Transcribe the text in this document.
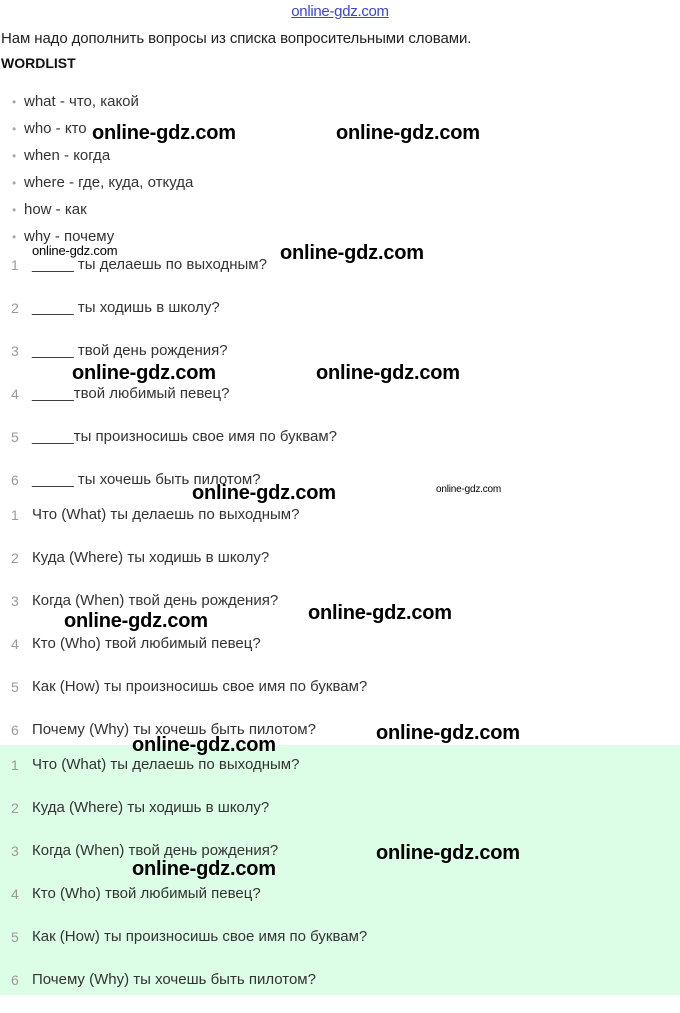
online-gdz.com
Нам надо дополнить вопросы из списка вопросительными словами.
WORDLIST
• what - что, какой
• who - кто
• when - когда
• where - где, куда, откуда
• how - как
• why - почему
1 _____ ты делаешь по выходным?
2 _____ ты ходишь в школу?
3 _____ твой день рождения?
4 _____твой любимый певец?
5 _____ты произносишь свое имя по буквам?
6 _____ ты хочешь быть пилотом?
1 Что (What) ты делаешь по выходным?
2 Куда (Where) ты ходишь в школу?
3 Когда (When) твой день рождения?
4 Кто (Who) твой любимый певец?
5 Как (How) ты произносишь свое имя по буквам?
6 Почему (Why) ты хочешь быть пилотом?
1 Что (What) ты делаешь по выходным?
2 Куда (Where) ты ходишь в школу?
3 Когда (When) твой день рождения?
4 Кто (Who) твой любимый певец?
5 Как (How) ты произносишь свое имя по буквам?
6 Почему (Why) ты хочешь быть пилотом?
online-gdz.com	online-gdz.com
online-gdz.com	online-gdz.com
online-gdz.com	online-gdz.com
online-gdz.com	online-gdz.com
online-gdz.com
online-gdz.com
online-gdz.com
online-gdz.com
online-gdz.com
online-gdz.com
